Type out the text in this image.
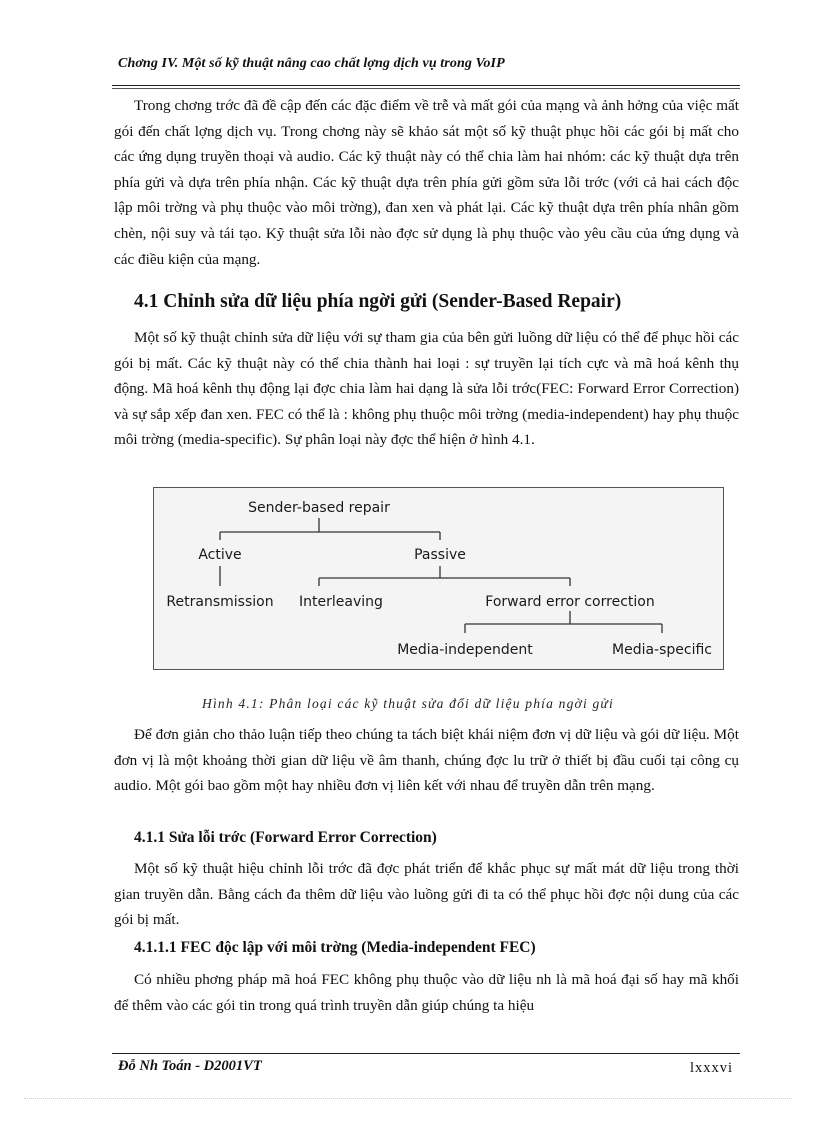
Chơng IV. Một số kỹ thuật nâng cao chất lợng dịch vụ trong VoIP

Trong chơng trớc đã đề cập đến các đặc điểm về trễ và mất gói của mạng và ảnh hởng của việc mất gói đến chất lợng dịch vụ. Trong chơng này sẽ khảo sát một số kỹ thuật phục hồi các gói bị mất cho các ứng dụng truyền thoại và audio. Các kỹ thuật này có thể chia làm hai nhóm: các kỹ thuật dựa trên phía gửi và dựa trên phía nhận. Các kỹ thuật dựa trên phía gửi gồm sửa lỗi trớc (với cả hai cách độc lập môi trờng và phụ thuộc vào môi trờng), đan xen và phát lại. Các kỹ thuật dựa trên phía nhân gồm chèn, nội suy và tái tạo. Kỹ thuật sửa lỗi nào đợc sử dụng là phụ thuộc vào yêu cầu của ứng dụng và các điều kiện của mạng.

4.1 Chỉnh sửa dữ liệu phía ngời gửi (Sender-Based Repair)

Một số kỹ thuật chỉnh sửa dữ liệu với sự tham gia của bên gửi luồng dữ liệu có thể để phục hồi các gói bị mất. Các kỹ thuật này có thể chia thành hai loại : sự truyền lại tích cực và mã hoá kênh thụ động. Mã hoá kênh thụ động lại đợc chia làm hai dạng là sửa lỗi trớc(FEC: Forward Error Correction) và sự sắp xếp đan xen. FEC có thể là : không phụ thuộc môi trờng (media-independent) hay phụ thuộc môi trờng (media-specific). Sự phân loại này đợc thể hiện ở hình 4.1.

Sender-based repair
Active	Passive
Retransmission Interleaving	Forward error correction
Media-independent	Media-specific
Hình 4.1: Phân loại các kỹ thuật sửa đổi dữ liệu phía ngời gửi

Để đơn giản cho thảo luận tiếp theo chúng ta tách biệt khái niệm đơn vị dữ liệu và gói dữ liệu. Một đơn vị là một khoảng thời gian dữ liệu về âm thanh, chúng đợc lu trữ ở thiết bị đầu cuối tại công cụ audio. Một gói bao gồm một hay nhiều đơn vị liên kết với nhau để truyền dẫn trên mạng.

4.1.1 Sửa lỗi trớc (Forward Error Correction)

Một số kỹ thuật hiệu chỉnh lỗi trớc đã đợc phát triển để khắc phục sự mất mát dữ liệu trong thời gian truyền dẫn. Bằng cách đa thêm dữ liệu vào luồng gửi đi ta có thể phục hồi đợc nội dung của các gói bị mất.

4.1.1.1 FEC độc lập với môi trờng (Media-independent FEC)

Có nhiều phơng pháp mã hoá FEC không phụ thuộc vào dữ liệu nh là mã hoá đại số hay mã khối để thêm vào các gói tin trong quá trình truyền dẫn giúp chúng ta hiệu

Đỗ Nh Toán - D2001VT	lxxxvi
